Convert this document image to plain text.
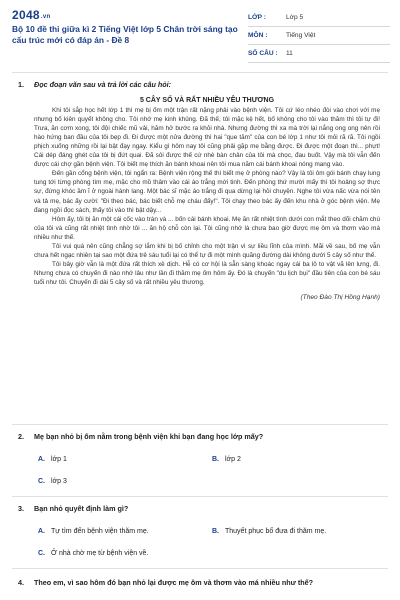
2048.vn
Bộ 10 đề thi giữa kì 2 Tiếng Việt lớp 5 Chân trời sáng tạo cấu trúc mới có đáp án - Đề 8
LỚP :	Lớp 5
MÔN :	Tiếng Việt
SỐ CÂU :	11
1.	Đọc đoạn văn sau và trả lời các câu hỏi:
5 CÂY SỐ VÀ RẤT NHIỀU YÊU THƯƠNG

Khi tôi sắp học hết lớp 1 thì mẹ bị ốm một trận rất nặng phải vào bệnh viện. Tôi cứ léo nhéo đòi vào chơi với mẹ nhưng bố kiên quyết không cho. Tôi nhớ mẹ kinh khủng. Đã thế, tôi mặc kệ hết, bố không cho tôi vào thăm thì tôi tự đi! Trưa, ăn cơm xong, tôi đội chiếc mũ vải, hăm hở bước ra khỏi nhà. Nhưng đường thì xa mà trời lại nắng ong ong nên rồi hào hứng ban đầu của tôi bẹp đi. Đi được một nửa đường thì hai "que tăm" của con bé lớp 1 như tôi mỏi rã rã. Tôi ngồi phịch xuống những rồi lại bật đạy ngay. Kiểu gì hôm nay tôi cũng phải gặp mẹ bằng được. Đi được một đoạn thì... phựt! Cái dép đáng ghét của tôi bị đứt quai. Đã sôi được thế cứ nhè bàn chân của tôi mà chọc, đau buốt. Vậy mà tôi vẫn đến được cái chợ gần bệnh viện. Tôi biết mẹ thích ăn bánh khoai nên tôi mua năm cái bánh khoai nóng mang vào.

Đến gần cổng bệnh viện, tôi ngẩn ra: Bệnh viện rộng thế thì biết mẹ ở phòng nào? Vậy là tôi ôm gói bánh chạy lung tung tới từng phòng tìm mẹ, mặc cho mồ thâm vào cái áo trắng mới tinh. Đến phòng thứ mười mấy thì tôi hoảng sợ thực sự, đứng khóc ầm ĩ ở ngoài hành lang. Một bác sĩ mặc áo trắng đi qua dừng lại hỏi chuyện. Nghe tôi vừa nấc vừa nói tên và tả mẹ, bác ấy cười: "Đi theo bác, bác biết chỗ mẹ cháu đấy!". Tôi chạy theo bác ấy đến khu nhà ở góc bệnh viện. Mẹ đang ngồi đọc sách, thấy tôi vào thì bật dậy...

Hôm ấy, tôi bị ăn một cái cốc vào trán và ... bốn cái bánh khoai. Mẹ ăn rất nhiệt tình dưới con mắt theo dõi chăm chú của tôi và cũng rất nhiệt tình nhờ tôi ... ăn hộ chỗ còn lại. Tôi cũng nhớ là chưa bao giờ được mẹ ôm và thơm vào má nhiều như thế.

Tôi vui quá nên cũng chẳng sợ lắm khi bị bố chỉnh cho một trận vì sự liều lĩnh của mình. Mãi về sau, bố mẹ vẫn chưa hết ngạc nhiên tại sao một đứa trẻ sáu tuổi lại có thể tự đi một mình quãng đường dài không dưới 5 cây số như thế.

Tôi bây giờ vẫn là một đứa rất thích xê dịch. Hễ có cơ hội là sẵn sàng khoác ngay cái ba lô to vật vã lên lưng, đi. Nhưng chưa có chuyến đi nào nhớ lâu như lần đi thăm mẹ ốm hôm ấy. Đó là chuyến "du lịch bụi" đầu tiên của con bé sáu tuổi như tôi. Chuyến đi dài 5 cây số và rất nhiều yêu thương.

(Theo Đào Thị Hồng Hạnh)
2.	Mẹ bạn nhỏ bị ốm nằm trong bệnh viện khi bạn đang học lớp mấy?
A. lớp 1	B. lớp 2
C. lớp 3
3.	Bạn nhỏ quyết định làm gì?
A. Tự tìm đến bệnh viện thăm mẹ.	B. Thuyết phục bố đưa đi thăm mẹ.
C. Ở nhà chờ mẹ từ bệnh viện về.
4.	Theo em, vì sao hôm đó bạn nhỏ lại được mẹ ôm và thơm vào má nhiều như thế?
